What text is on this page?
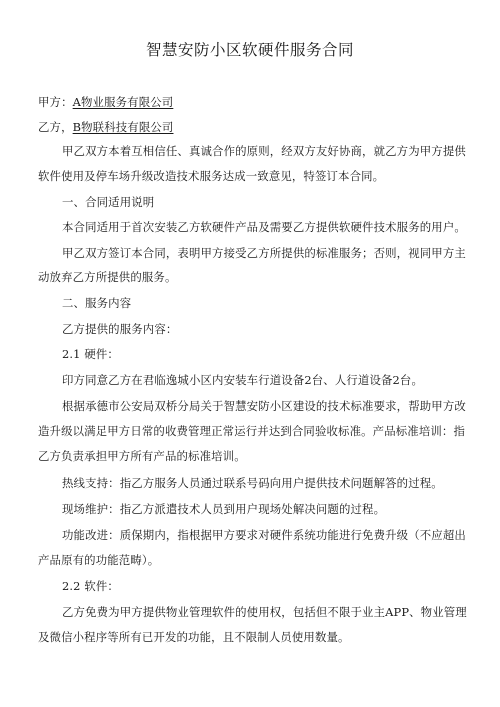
智慧安防小区软硬件服务合同
甲方：A物业服务有限公司
乙方，B物联科技有限公司
甲乙双方本着互相信任、真诚合作的原则，经双方友好协商，就乙方为甲方提供
软件使用及停车场升级改造技术服务达成一致意见，特签订本合同。
一、合同适用说明
本合同适用于首次安装乙方软硬件产品及需要乙方提供软硬件技术服务的用户。
甲乙双方签订本合同，表明甲方接受乙方所提供的标准服务；否则，视同甲方主
动放弃乙方所提供的服务。
二、服务内容
乙方提供的服务内容：
2.1 硬件：
印方同意乙方在君临逸城小区内安装车行道设备2台、人行道设备2台。
根据承德市公安局双桥分局关于智慧安防小区建设的技术标准要求，帮助甲方改
造升级以满足甲方日常的收费管理正常运行并达到合同验收标准。产品标准培训：指
乙方负责承担甲方所有产品的标准培训。
热线支持：指乙方服务人员通过联系号码向用户提供技术问题解答的过程。
现场维护：指乙方派遣技术人员到用户现场处解决问题的过程。
功能改进：质保期内，指根据甲方要求对硬件系统功能进行免费升级（不应超出
产品原有的功能范畴）。
2.2 软件：
乙方免费为甲方提供物业管理软件的使用权，包括但不限于业主APP、物业管理
及微信小程序等所有已开发的功能，且不限制人员使用数量。
